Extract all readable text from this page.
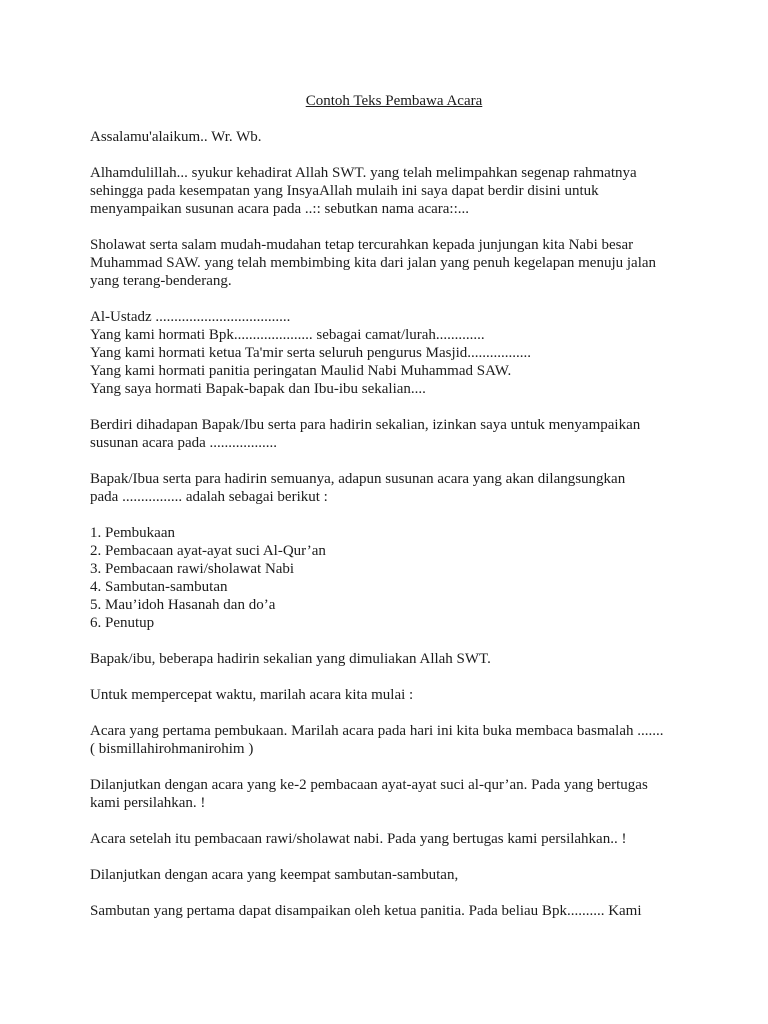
Contoh Teks Pembawa Acara

Assalamu'alaikum.. Wr. Wb.

Alhamdulillah... syukur kehadirat Allah SWT. yang telah melimpahkan segenap rahmatnya
sehingga pada kesempatan yang InsyaAllah mulaih ini saya dapat berdir disini untuk
menyampaikan susunan acara pada ..:: sebutkan nama acara::...

Sholawat serta salam mudah-mudahan tetap tercurahkan kepada junjungan kita Nabi besar
Muhammad SAW. yang telah membimbing kita dari jalan yang penuh kegelapan menuju jalan
yang terang-benderang.

Al-Ustadz ....................................
Yang kami hormati Bpk..................... sebagai camat/lurah.............
Yang kami hormati ketua Ta'mir serta seluruh pengurus Masjid.................
Yang kami hormati panitia peringatan Maulid Nabi Muhammad SAW.
Yang saya hormati Bapak-bapak dan Ibu-ibu sekalian....

Berdiri dihadapan Bapak/Ibu serta para hadirin sekalian, izinkan saya untuk menyampaikan
susunan acara pada ..................

Bapak/Ibua serta para hadirin semuanya, adapun susunan acara yang akan dilangsungkan
pada ................ adalah sebagai berikut :

1. Pembukaan
2. Pembacaan ayat-ayat suci Al-Qur’an
3. Pembacaan rawi/sholawat Nabi
4. Sambutan-sambutan
5. Mau’idoh Hasanah dan do’a
6. Penutup

Bapak/ibu, beberapa hadirin sekalian yang dimuliakan Allah SWT.

Untuk mempercepat waktu, marilah acara kita mulai :

Acara yang pertama pembukaan. Marilah acara pada hari ini kita buka membaca basmalah .......
( bismillahirohmanirohim )

Dilanjutkan dengan acara yang ke-2 pembacaan ayat-ayat suci al-qur’an. Pada yang bertugas
kami persilahkan. !

Acara setelah itu pembacaan rawi/sholawat nabi. Pada yang bertugas kami persilahkan.. !

Dilanjutkan dengan acara yang keempat sambutan-sambutan,

Sambutan yang pertama dapat disampaikan oleh ketua panitia. Pada beliau Bpk.......... Kami
